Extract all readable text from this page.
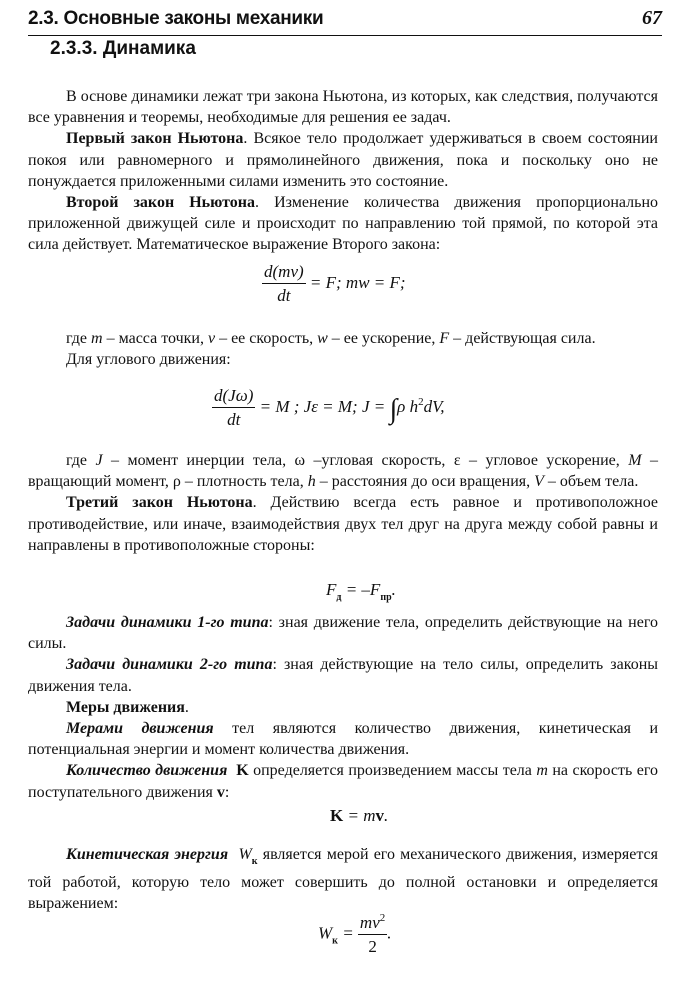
2.3. Основные законы механики	67
2.3.3. Динамика

В основе динамики лежат три закона Ньютона, из которых, как следствия, получаются все уравнения и теоремы, необходимые для решения ее задач.

Первый закон Ньютона. Всякое тело продолжает удерживаться в своем состоянии покоя или равномерного и прямолинейного движения, пока и поскольку оно не понуждается приложенными силами изменить это состояние.

Второй закон Ньютона. Изменение количества движения пропорционально приложенной движущей силе и происходит по направлению той прямой, по которой эта сила действует. Математическое выражение Второго закона:

$\frac{d(mv)}{dt} = F$; mw = F;

где m – масса точки, v – ее скорость, w – ее ускорение, F – действующая сила.

Для углового движения:

$\frac{d(J\omega)}{dt} = M$ ; Jε = M; J = ∫ρ $h^2dV$,

где J – момент инерции тела, ω –угловая скорость, ε – угловое ускорение, M – вращающий момент, ρ – плотность тела, h – расстояния до оси вращения, V – объем тела.

Третий закон Ньютона. Действию всегда есть равное и противоположное противодействие, или иначе, взаимодействия двух тел друг на друга между собой равны и направлены в противоположные стороны:

$F_д = -F_{пр}$.

Задачи динамики 1-го типа: зная движение тела, определить действующие на него силы.

Задачи динамики 2-го типа: зная действующие на тело силы, определить законы движения тела.

Меры движения.

Мерами движения тел являются количество движения, кинетическая и потенциальная энергии и момент количества движения.

Количество движения K определяется произведением массы тела m на скорость его поступательного движения v:

K = mv.

Кинетическая энергия $W_к$ является мерой его механического движения, измеряется той работой, которую тело может совершить до полной остановки и определяется выражением:

$W_к = \frac{mv^2}{2}$ .
